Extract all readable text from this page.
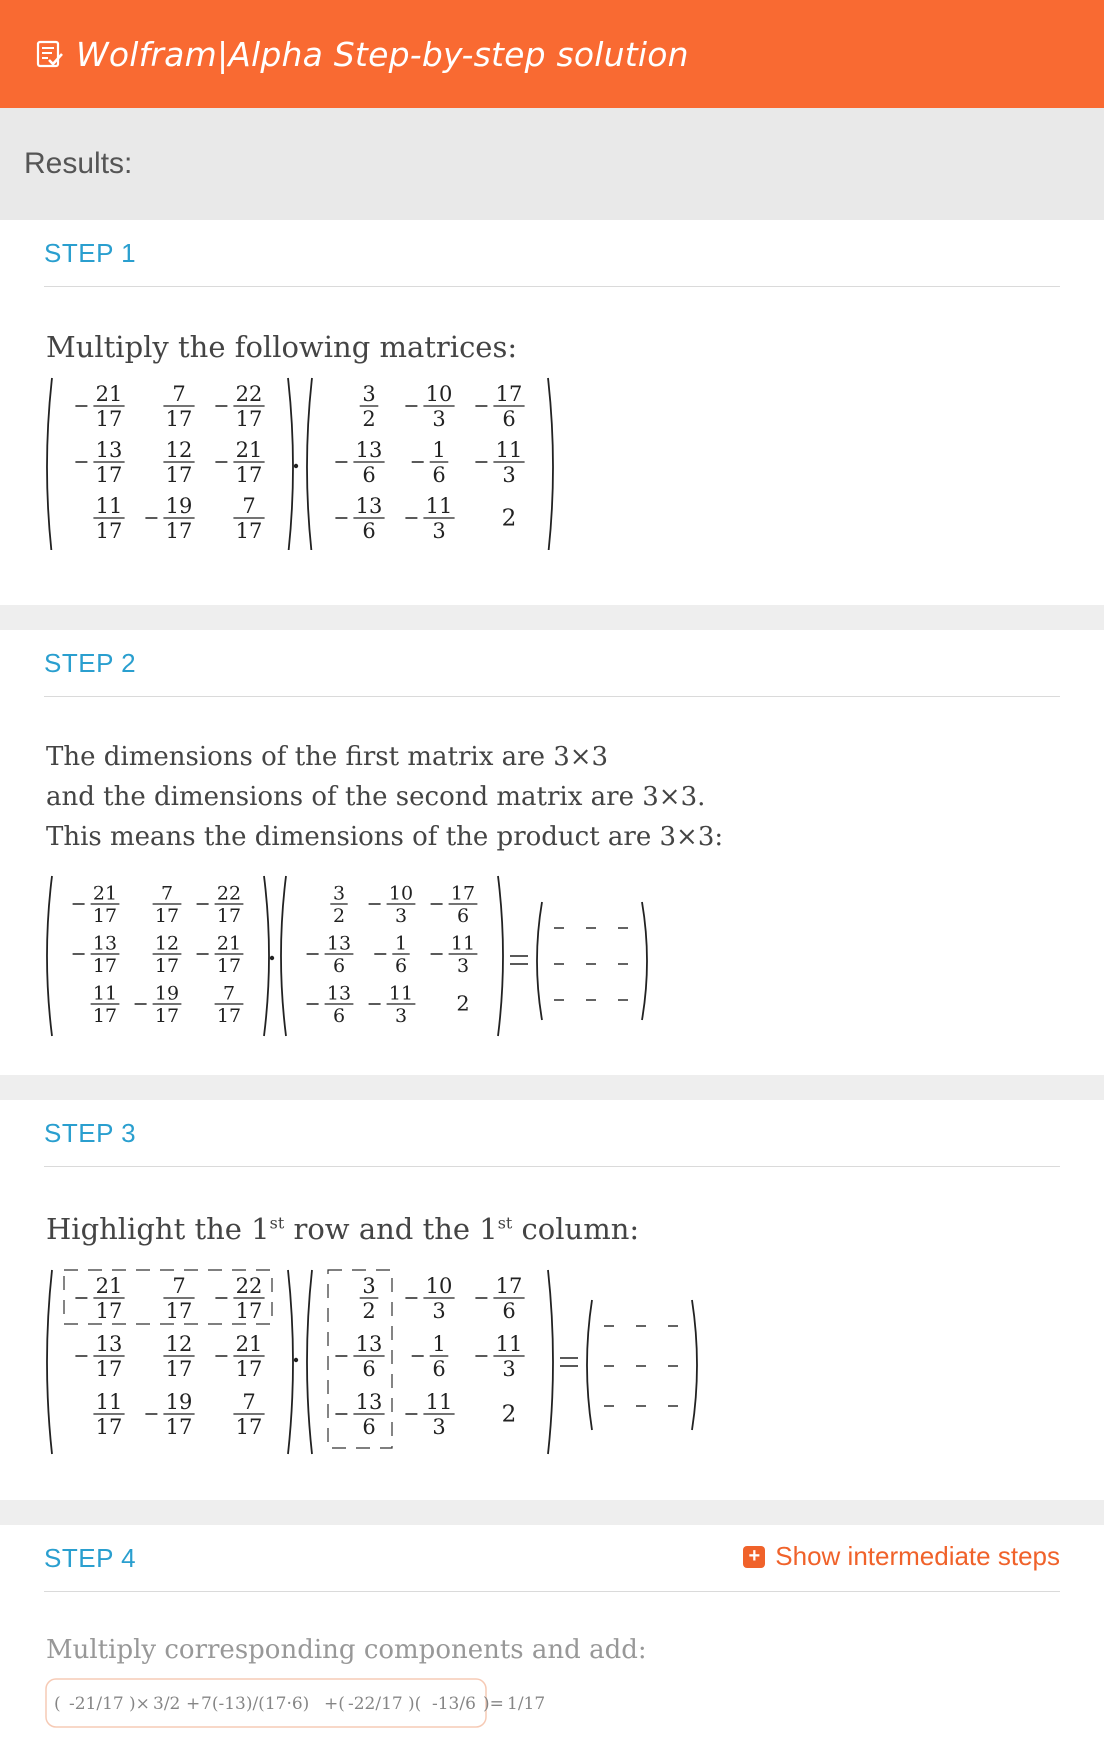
Wolfram|Alpha Step-by-step solution
Results:
STEP 1
Multiply the following matrices:
21
17
7
17
22
17
13
17
12
17
21
17
11
17
19
17
7
17
3
2
10
3
17
6
13
6
1
6
11
3
13
6
11
3 2
STEP 2
The dimensions of the first matrix are 3×3
and the dimensions of the second matrix are 3×3.
This means the dimensions of the product are 3×3:
21
17
7
17
22
17
13
17
12
17
21
17
11
17
19
17
7
17
3
2
10
3
17
6
13
6
1
6
11
3
13
6
11
3
2
STEP 3
Highlight the 1st row and the 1st column:
21
17
7
17
22
17
13
17
12
17
21
17
11
17
19
17
7
17
3
2
10
3
17
6
13
6
1
6
11
3
13
6
11
3 2
STEP 4	+ Show intermediate steps
Multiply corresponding components and add:
( -21/17 )× 3/2 + 7(-13)/(17·6) +( -22/17 )( -13/6 )= 1/17
